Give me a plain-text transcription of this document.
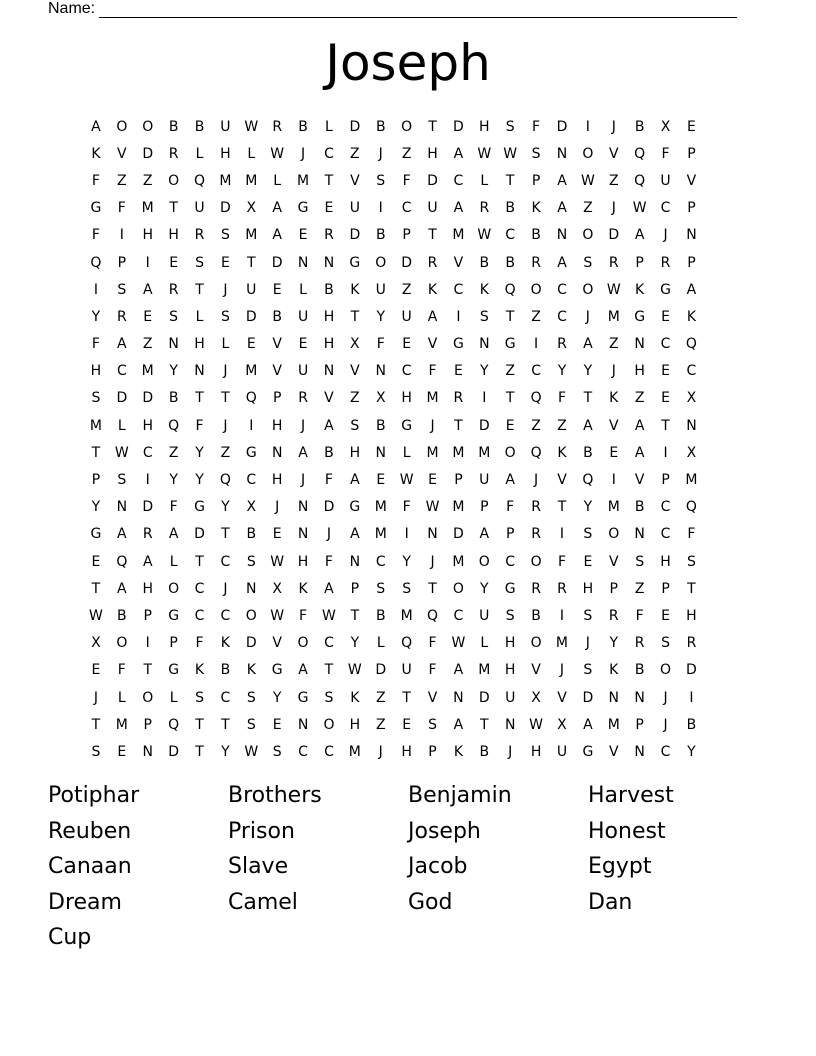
Name:
Joseph
A	O	O	B	B	U W	R	B	L	D	B	O	T	D	H	S	F	D	I	J	B	X	E
K	V	D	R	L	H	L	W	J	C	Z	J	Z	H	A	W W	S	N	O	V	Q	F	P
F	Z	Z	O	Q	M M	L	M	T	V	S	F	D	C	L	T	P	A	W	Z	Q	U	V
G	F	M	T	U	D	X	A	G	E	U	I	C	U	A	R	B	K	A	Z	J	W	C	P
F	I	H	H	R	S	M	A	E	R	D	B	P	T	M W	C	B	N	O	D	A	J	N
Q	P	I	E	S	E	T	D	N	N	G	O	D	R	V	B	B	R	A	S	R	P	R	P
I	S	A	R	T	J	U	E	L	B	K	U	Z	K	C	K	Q	O	C	O W	K	G	A
Y	R	E	S	L	S	D	B	U	H	T	Y	U	A	I	S	T	Z	C	J	M	G	E	K
F	A	Z	N	H	L	E	V	E	H	X	F	E	V	G	N	G	I	R	A	Z	N	C	Q
H	C	M	Y	N	J	M	V	U	N	V	N	C	F	E	Y	Z	C	Y	Y	J	H	E	C
S	D	D	B	T	T	Q	P	R	V	Z	X	H	M	R	I	T	Q	F	T	K	Z	E	X
M	L	H	Q	F	J	I	H	J	A	S	B	G	J	T	D	E	Z	Z	A	V	A	T	N
T	W	C	Z	Y	Z	G	N	A	B	H	N	L	M M M	O	Q	K	B	E	A	I	X
P	S	I	Y	Y	Q	C	H	J	F	A	E	W	E	P	U	A	J	V	Q	I	V	P	M
Y	N	D	F	G	Y	X	J	N	D	G	M	F	W M	P	F	R	T	Y	M	B	C	Q
G	A	R	A	D	T	B	E	N	J	A	M	I	N	D	A	P	R	I	S	O	N	C	F
E	Q	A	L	T	C	S	W H	F	N	C	Y	J	M	O	C	O	F	E	V	S	H	S
T	A	H	O	C	J	N	X	K	A	P	S	S	T	O	Y	G	R	R	H	P	Z	P	T
W	B	P	G	C	C	O W	F	W	T	B	M	Q	C	U	S	B	I	S	R	F	E	H
X	O	I	P	F	K	D	V	O	C	Y	L	Q	F	W	L	H	O	M	J	Y	R	S	R
E	F	T	G	K	B	K	G	A	T	W D	U	F	A	M	H	V	J	S	K	B	O	D
J	L	O	L	S	C	S	Y	G	S	K	Z	T	V	N	D	U	X	V	D	N	N	J	I
T	M	P	Q	T	T	S	E	N	O	H	Z	E	S	A	T	N W	X	A	M	P	J	B
S	E	N	D	T	Y	W	S	C	C	M	J	H	P	K	B	J	H	U	G	V	N	C	Y
Potiphar	Brothers	Benjamin	Harvest
Reuben	Prison	Joseph	Honest
Canaan	Slave	Jacob	Egypt
Dream	Camel	God	Dan
Cup
